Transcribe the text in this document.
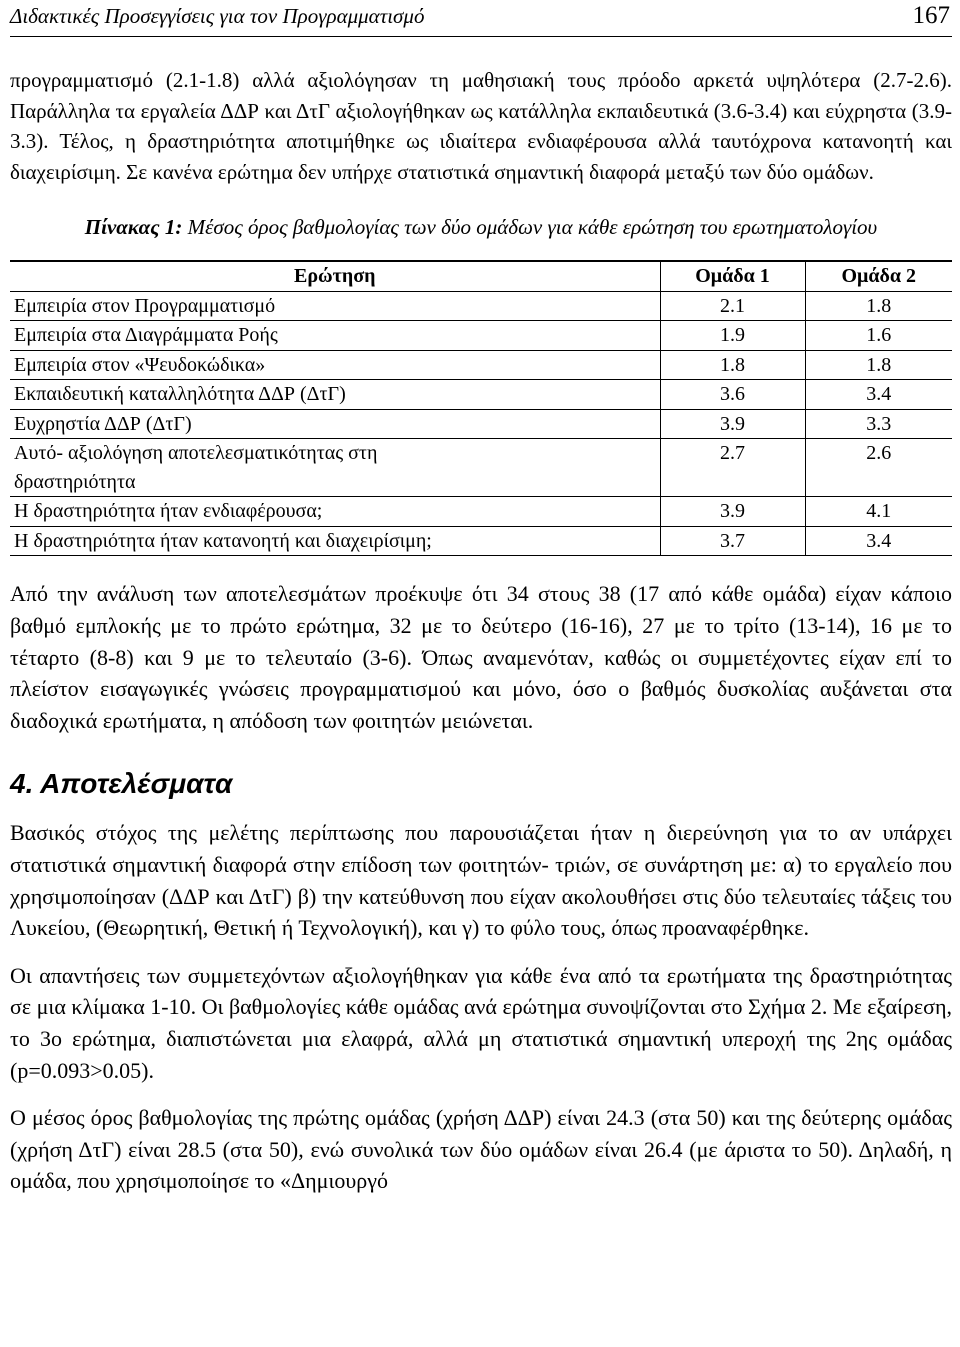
Διδακτικές Προσεγγίσεις για τον Προγραμματισμό	167

προγραμματισμό (2.1-1.8) αλλά αξιολόγησαν τη μαθησιακή τους πρόοδο αρκετά υψηλότερα (2.7-2.6). Παράλληλα τα εργαλεία ΔΔΡ και ΔτΓ αξιολογήθηκαν ως κατάλληλα εκπαιδευτικά (3.6-3.4) και εύχρηστα (3.9-3.3). Τέλος, η δραστηριότητα αποτιμήθηκε ως ιδιαίτερα ενδιαφέρουσα αλλά ταυτόχρονα κατανοητή και διαχειρίσιμη. Σε κανένα ερώτημα δεν υπήρχε στατιστικά σημαντική διαφορά μεταξύ των δύο ομάδων.

Πίνακας 1: Μέσος όρος βαθμολογίας των δύο ομάδων για κάθε ερώτηση του ερωτηματολογίου

Ερώτηση	Ομάδα 1	Ομάδα 2
Εμπειρία στον Προγραμματισμό	2.1	1.8
Εμπειρία στα Διαγράμματα Ροής	1.9	1.6
Εμπειρία στον «Ψευδοκώδικα»	1.8	1.8
Εκπαιδευτική καταλληλότητα ΔΔΡ (ΔτΓ)	3.6	3.4
Ευχρηστία ΔΔΡ (ΔτΓ)	3.9	3.3

Αυτό- αξιολόγηση αποτελεσματικότητας στη
δραστηριότητα	2.7	2.6
Η δραστηριότητα ήταν ενδιαφέρουσα;	3.9	4.1
Η δραστηριότητα ήταν κατανοητή και διαχειρίσιμη;	3.7	3.4

Από την ανάλυση των αποτελεσμάτων προέκυψε ότι 34 στους 38 (17 από κάθε ομάδα) είχαν κάποιο βαθμό εμπλοκής με το πρώτο ερώτημα, 32 με το δεύτερο (16-16), 27 με το τρίτο (13-14), 16 με το τέταρτο (8-8) και 9 με το τελευταίο (3-6). Όπως αναμενόταν, καθώς οι συμμετέχοντες είχαν επί το πλείστον εισαγωγικές γνώσεις προγραμματισμού και μόνο, όσο ο βαθμός δυσκολίας αυξάνεται στα διαδοχικά ερωτήματα, η απόδοση των φοιτητών μειώνεται.

4. Αποτελέσματα

Βασικός στόχος της μελέτης περίπτωσης που παρουσιάζεται ήταν η διερεύνηση για το αν υπάρχει στατιστικά σημαντική διαφορά στην επίδοση των φοιτητών- τριών, σε συνάρτηση με: α) το εργαλείο που χρησιμοποίησαν (ΔΔΡ και ΔτΓ) β) την κατεύθυνση που είχαν ακολουθήσει στις δύο τελευταίες τάξεις του Λυκείου, (Θεωρητική, Θετική ή Τεχνολογική), και γ) το φύλο τους, όπως προαναφέρθηκε.

Οι απαντήσεις των συμμετεχόντων αξιολογήθηκαν για κάθε ένα από τα ερωτήματα της δραστηριότητας σε μια κλίμακα 1-10. Οι βαθμολογίες κάθε ομάδας ανά ερώτημα συνοψίζονται στο Σχήμα 2. Με εξαίρεση, το 3ο ερώτημα, διαπιστώνεται μια ελαφρά, αλλά μη στατιστικά σημαντική υπεροχή της 2ης ομάδας (p=0.093>0.05).

Ο μέσος όρος βαθμολογίας της πρώτης ομάδας (χρήση ΔΔΡ) είναι 24.3 (στα 50) και της δεύτερης ομάδας (χρήση ΔτΓ) είναι 28.5 (στα 50), ενώ συνολικά των δύο ομάδων είναι 26.4 (με άριστα το 50). Δηλαδή, η ομάδα, που χρησιμοποίησε το «Δημιουργό
